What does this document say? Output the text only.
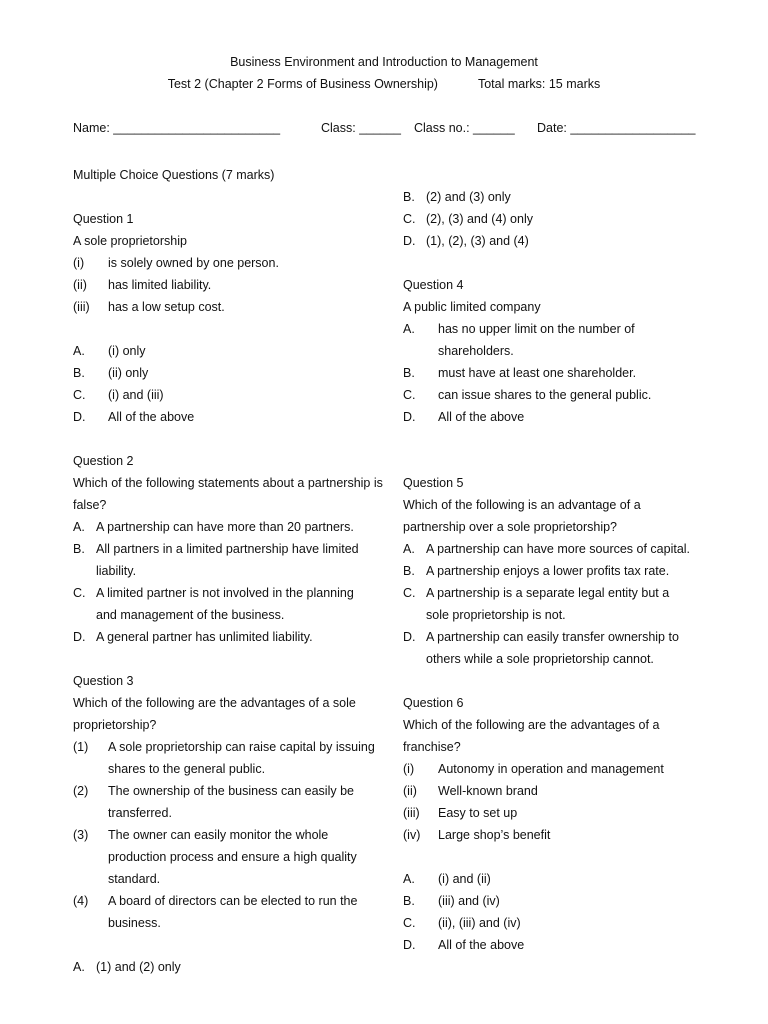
Business Environment and Introduction to Management
Test 2 (Chapter 2 Forms of Business Ownership)	Total marks: 15 marks

Name: ________________________

	Class: ______

Class no.: ______

Date: __________________

Multiple Choice Questions (7 marks)
Question 1
A sole proprietorship
(i)	is solely owned by one person.
(ii)	has limited liability.
(iii)	has a low setup cost.
A.	(i) only
B.	(ii) only
C.	(i) and (iii)
D.	All of the above
Question 2
Which of the following statements about a partnership is false?
A. A partnership can have more than 20 partners.
B. All partners in a limited partnership have limited liability.
C. A limited partner is not involved in the planning and management of the business.
D. A general partner has unlimited liability.
Question 3
Which of the following are the advantages of a sole proprietorship?
(1)	A sole proprietorship can raise capital by issuing shares to the general public.
(2)	The ownership of the business can easily be transferred.
(3)	The owner can easily monitor the whole production process and ensure a high quality standard.
(4)	A board of directors can be elected to run the business.
A. (1) and (2) only
B. (2) and (3) only
C. (2), (3) and (4) only
D. (1), (2), (3) and (4)
Question 4
A public limited company
A.	has no upper limit on the number of shareholders.
B.	must have at least one shareholder.
C.	can issue shares to the general public.
D.	All of the above
Question 5
Which of the following is an advantage of a partnership over a sole proprietorship?
A. A partnership can have more sources of capital.
B. A partnership enjoys a lower profits tax rate.
C. A partnership is a separate legal entity but a sole proprietorship is not.
D. A partnership can easily transfer ownership to others while a sole proprietorship cannot.
Question 6
Which of the following are the advantages of a franchise?
(i)	Autonomy in operation and management
(ii)	Well-known brand
(iii)	Easy to set up
(iv)	Large shop’s benefit
A.	(i) and (ii)
B.	(iii) and (iv)
C.	(ii), (iii) and (iv)
D.	All of the above
